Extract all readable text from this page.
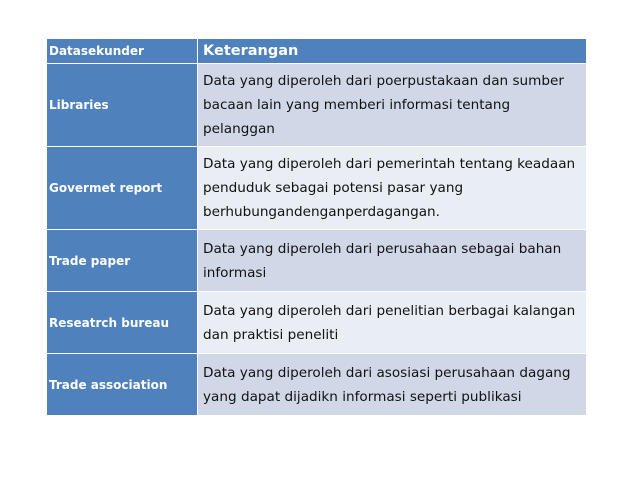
Datasekunder	Keterangan
Libraries	Data yang diperoleh dari poerpustakaan dan sumber bacaan lain yang memberi informasi tentang pelanggan
Govermet report	Data yang diperoleh dari pemerintah tentang keadaan penduduk sebagai potensi pasar yang berhubungandenganperdagangan.
Trade paper	Data yang diperoleh dari perusahaan sebagai bahan informasi
Reseatrch bureau	Data yang diperoleh dari penelitian berbagai kalangan dan praktisi peneliti
Trade association	Data yang diperoleh dari asosiasi perusahaan dagang yang dapat dijadikn informasi seperti publikasi
